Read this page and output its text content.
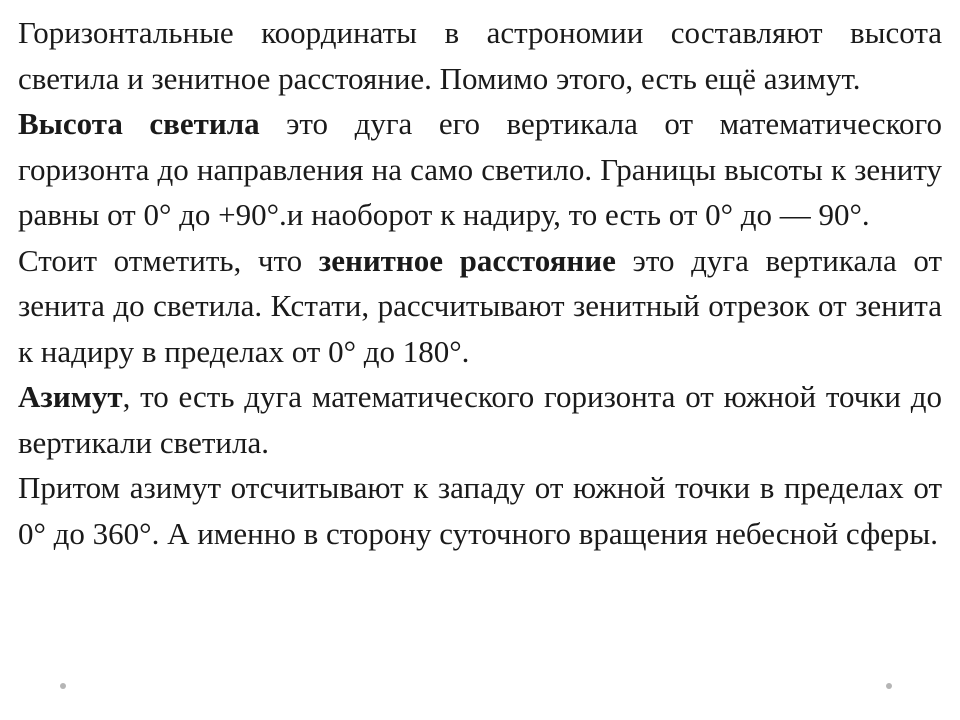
Горизонтальные координаты в астрономии составляют высота светила и зенитное расстояние. Помимо этого, есть ещё азимут.

Высота светила это дуга его вертикала от математического горизонта до направления на само светило. Границы высоты к зениту равны от 0° до +90°.и наоборот к надиру, то есть от 0° до — 90°.

Стоит отметить, что зенитное расстояние это дуга вертикала от зенита до светила. Кстати, рассчитывают зенитный отрезок от зенита к надиру в пределах от 0° до 180°.

Азимут, то есть дуга математического горизонта от южной точки до вертикали светила.

Притом азимут отсчитывают к западу от южной точки в пределах от 0° до 360°. А именно в сторону суточного вращения небесной сферы.
